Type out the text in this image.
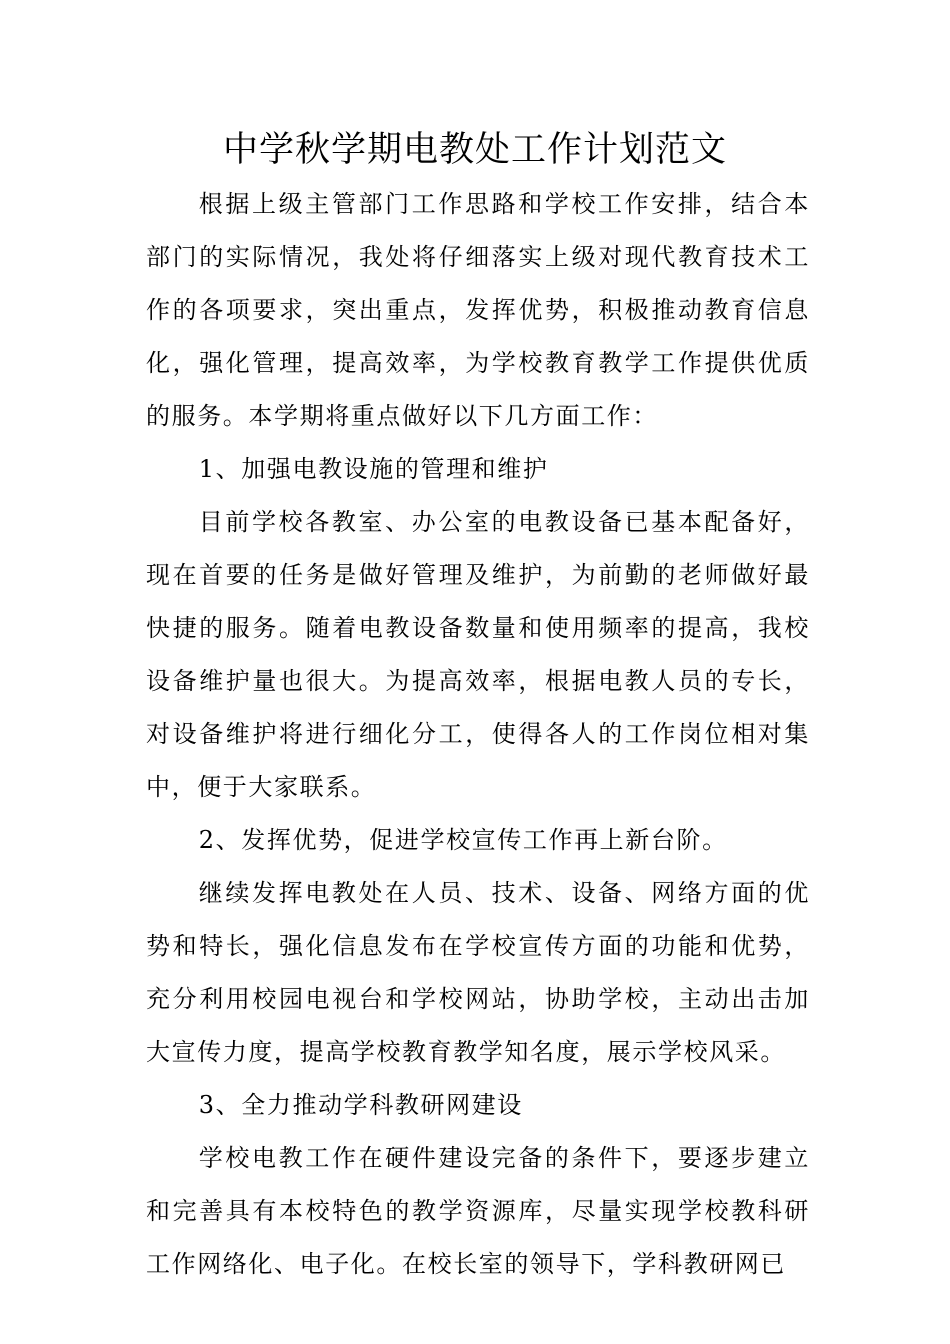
中学秋学期电教处工作计划范文

根据上级主管部门工作思路和学校工作安排，结合本部门的实际情况，我处将仔细落实上级对现代教育技术工作的各项要求，突出重点，发挥优势，积极推动教育信息化，强化管理，提高效率，为学校教育教学工作提供优质的服务。本学期将重点做好以下几方面工作：

1、加强电教设施的管理和维护

目前学校各教室、办公室的电教设备已基本配备好，现在首要的任务是做好管理及维护，为前勤的老师做好最快捷的服务。随着电教设备数量和使用频率的提高，我校设备维护量也很大。为提高效率，根据电教人员的专长，对设备维护将进行细化分工，使得各人的工作岗位相对集中，便于大家联系。

2、发挥优势，促进学校宣传工作再上新台阶。

继续发挥电教处在人员、技术、设备、网络方面的优势和特长，强化信息发布在学校宣传方面的功能和优势，充分利用校园电视台和学校网站，协助学校，主动出击加大宣传力度，提高学校教育教学知名度，展示学校风采。

3、全力推动学科教研网建设

学校电教工作在硬件建设完备的条件下，要逐步建立和完善具有本校特色的教学资源库，尽量实现学校教科研工作网络化、电子化。在校长室的领导下，学科教研网已
